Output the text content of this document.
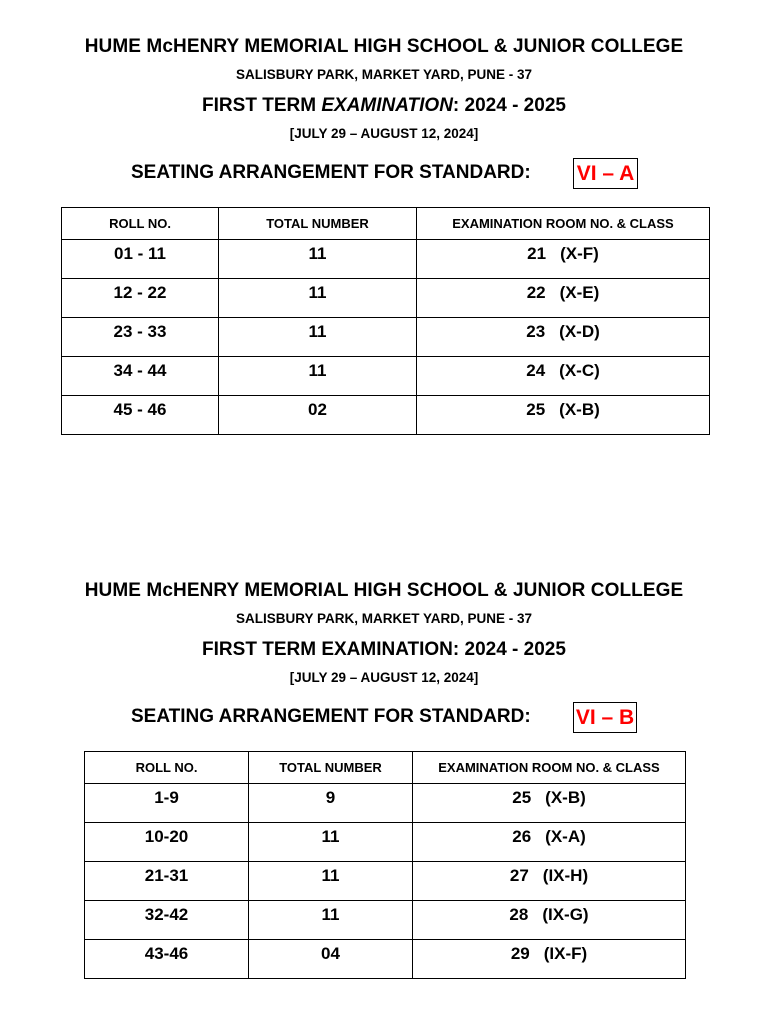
HUME McHENRY MEMORIAL HIGH SCHOOL & JUNIOR COLLEGE
SALISBURY PARK, MARKET YARD, PUNE - 37
FIRST TERM EXAMINATION: 2024 - 2025
[JULY 29 – AUGUST 12, 2024]
SEATING ARRANGEMENT FOR STANDARD: VI – A
ROLL NO.	TOTAL NUMBER	EXAMINATION ROOM NO. & CLASS
01 - 11	11	21 (X-F)
12 - 22	11	22 (X-E)
23 - 33	11	23 (X-D)
34 - 44	11	24 (X-C)
45 - 46	02	25 (X-B)
HUME McHENRY MEMORIAL HIGH SCHOOL & JUNIOR COLLEGE
SALISBURY PARK, MARKET YARD, PUNE - 37
FIRST TERM EXAMINATION: 2024 - 2025
[JULY 29 – AUGUST 12, 2024]
SEATING ARRANGEMENT FOR STANDARD: VI – B
ROLL NO.	TOTAL NUMBER	EXAMINATION ROOM NO. & CLASS
1-9	9	25 (X-B)
10-20	11	26 (X-A)
21-31	11	27 (IX-H)
32-42	11	28 (IX-G)
43-46	04	29 (IX-F)
